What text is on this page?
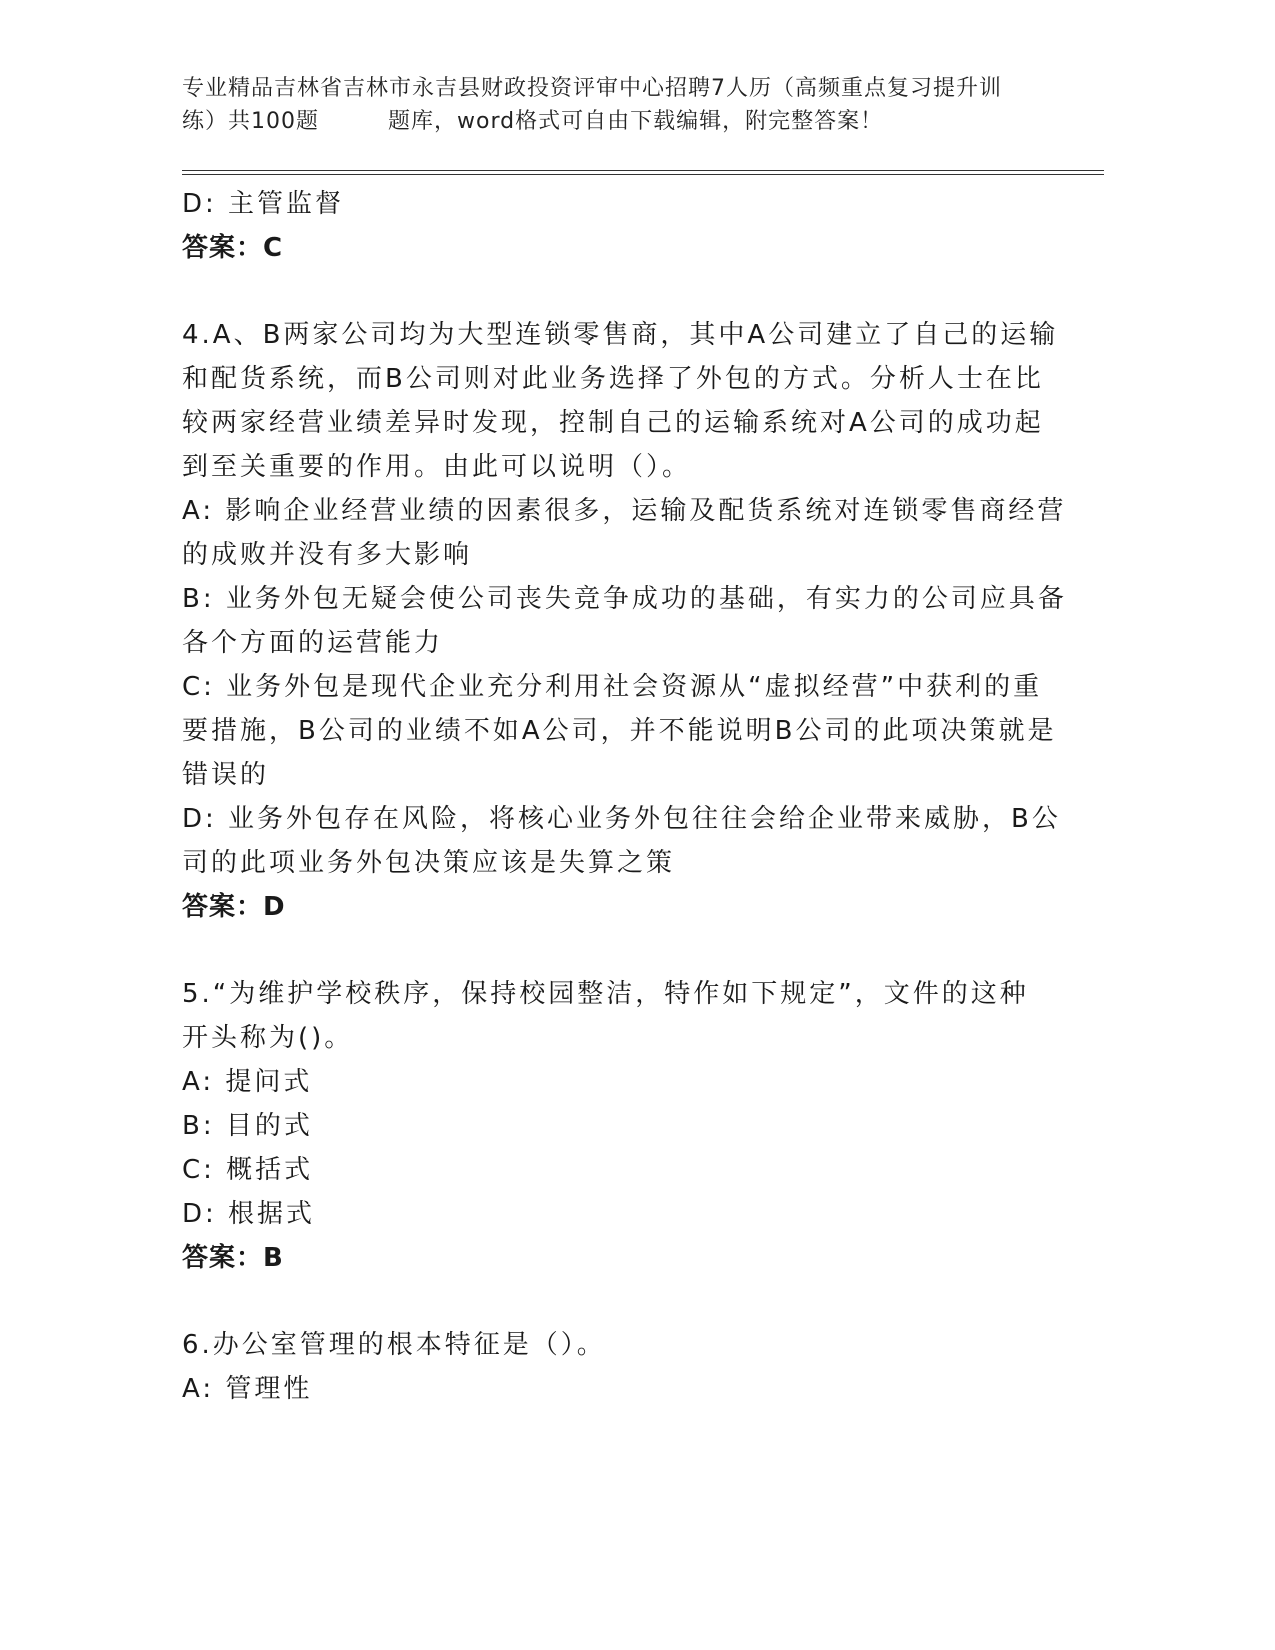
专业精品吉林省吉林市永吉县财政投资评审中心招聘7人历（高频重点复习提升训
练）共100题　　　题库，word格式可自由下载编辑，附完整答案！
D: 主管监督
答案：C
4.A、B两家公司均为大型连锁零售商，其中A公司建立了自己的运输
和配货系统，而B公司则对此业务选择了外包的方式。分析人士在比
较两家经营业绩差异时发现，控制自己的运输系统对A公司的成功起
到至关重要的作用。由此可以说明（）。
A: 影响企业经营业绩的因素很多，运输及配货系统对连锁零售商经营
的成败并没有多大影响
B: 业务外包无疑会使公司丧失竞争成功的基础，有实力的公司应具备
各个方面的运营能力
C: 业务外包是现代企业充分利用社会资源从“虚拟经营”中获利的重
要措施，B公司的业绩不如A公司，并不能说明B公司的此项决策就是
错误的
D: 业务外包存在风险，将核心业务外包往往会给企业带来威胁，B公
司的此项业务外包决策应该是失算之策
答案：D
5.“为维护学校秩序，保持校园整洁，特作如下规定”，文件的这种
开头称为()。
A: 提问式
B: 目的式
C: 概括式
D: 根据式
答案：B
6.办公室管理的根本特征是（）。
A: 管理性
